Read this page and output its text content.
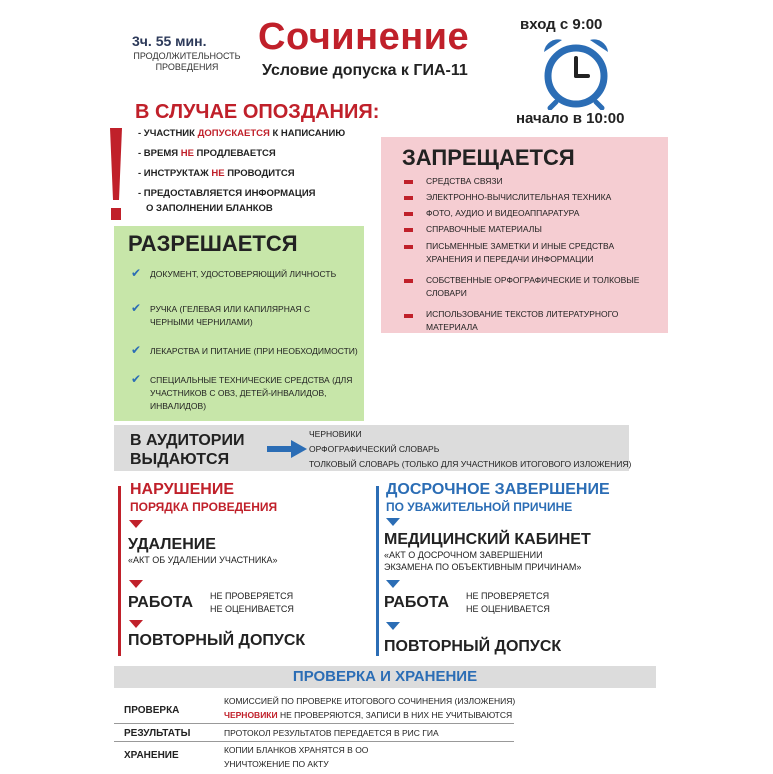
3ч. 55 мин.
ПРОДОЛЖИТЕЛЬНОСТЬ ПРОВЕДЕНИЯ
Сочинение
Условие допуска к ГИА-11
вход с 9:00
начало в 10:00
В СЛУЧАЕ ОПОЗДАНИЯ:
- УЧАСТНИК ДОПУСКАЕТСЯ К НАПИСАНИЮ
- ВРЕМЯ НЕ ПРОДЛЕВАЕТСЯ
- ИНСТРУКТАЖ НЕ ПРОВОДИТСЯ
- ПРЕДОСТАВЛЯЕТСЯ ИНФОРМАЦИЯ
О ЗАПОЛНЕНИИ БЛАНКОВ
ЗАПРЕЩАЕТСЯ
СРЕДСТВА СВЯЗИ
ЭЛЕКТРОННО-ВЫЧИСЛИТЕЛЬНАЯ ТЕХНИКА
ФОТО, АУДИО И ВИДЕОАППАРАТУРА
СПРАВОЧНЫЕ МАТЕРИАЛЫ
ПИСЬМЕННЫЕ ЗАМЕТКИ И ИНЫЕ СРЕДСТВА ХРАНЕНИЯ И ПЕРЕДАЧИ ИНФОРМАЦИИ
СОБСТВЕННЫЕ ОРФОГРАФИЧЕСКИЕ И ТОЛКОВЫЕ СЛОВАРИ
ИСПОЛЬЗОВАНИЕ ТЕКСТОВ ЛИТЕРАТУРНОГО МАТЕРИАЛА
РАЗРЕШАЕТСЯ
✔ ДОКУМЕНТ, УДОСТОВЕРЯЮЩИЙ ЛИЧНОСТЬ
✔ РУЧКА (ГЕЛЕВАЯ ИЛИ КАПИЛЯРНАЯ С ЧЕРНЫМИ ЧЕРНИЛАМИ)
✔ ЛЕКАРСТВА И ПИТАНИЕ (ПРИ НЕОБХОДИМОСТИ)
✔ СПЕЦИАЛЬНЫЕ ТЕХНИЧЕСКИЕ СРЕДСТВА (ДЛЯ УЧАСТНИКОВ С ОВЗ, ДЕТЕЙ-ИНВАЛИДОВ, ИНВАЛИДОВ)
В АУДИТОРИИ
ВЫДАЮТСЯ
ЧЕРНОВИКИ
ОРФОГРАФИЧЕСКИЙ СЛОВАРЬ
ТОЛКОВЫЙ СЛОВАРЬ (ТОЛЬКО ДЛЯ УЧАСТНИКОВ ИТОГОВОГО ИЗЛОЖЕНИЯ)
НАРУШЕНИЕ
ПОРЯДКА ПРОВЕДЕНИЯ
УДАЛЕНИЕ
«АКТ ОБ УДАЛЕНИИ УЧАСТНИКА»
РАБОТА НЕ ПРОВЕРЯЕТСЯ
НЕ ОЦЕНИВАЕТСЯ
ПОВТОРНЫЙ ДОПУСК
ДОСРОЧНОЕ ЗАВЕРШЕНИЕ
ПО УВАЖИТЕЛЬНОЙ ПРИЧИНЕ
МЕДИЦИНСКИЙ КАБИНЕТ
«АКТ О ДОСРОЧНОМ ЗАВЕРШЕНИИ
ЭКЗАМЕНА ПО ОБЪЕКТИВНЫМ ПРИЧИНАМ»
РАБОТА НЕ ПРОВЕРЯЕТСЯ
НЕ ОЦЕНИВАЕТСЯ
ПОВТОРНЫЙ ДОПУСК
ПРОВЕРКА И ХРАНЕНИЕ
ПРОВЕРКА
КОМИССИЕЙ ПО ПРОВЕРКЕ ИТОГОВОГО СОЧИНЕНИЯ (ИЗЛОЖЕНИЯ)
ЧЕРНОВИКИ НЕ ПРОВЕРЯЮТСЯ, ЗАПИСИ В НИХ НЕ УЧИТЫВАЮТСЯ
РЕЗУЛЬТАТЫ	ПРОТОКОЛ РЕЗУЛЬТАТОВ ПЕРЕДАЕТСЯ В РИС ГИА
ХРАНЕНИЕ	КОПИИ БЛАНКОВ ХРАНЯТСЯ В ОО
УНИЧТОЖЕНИЕ ПО АКТУ
